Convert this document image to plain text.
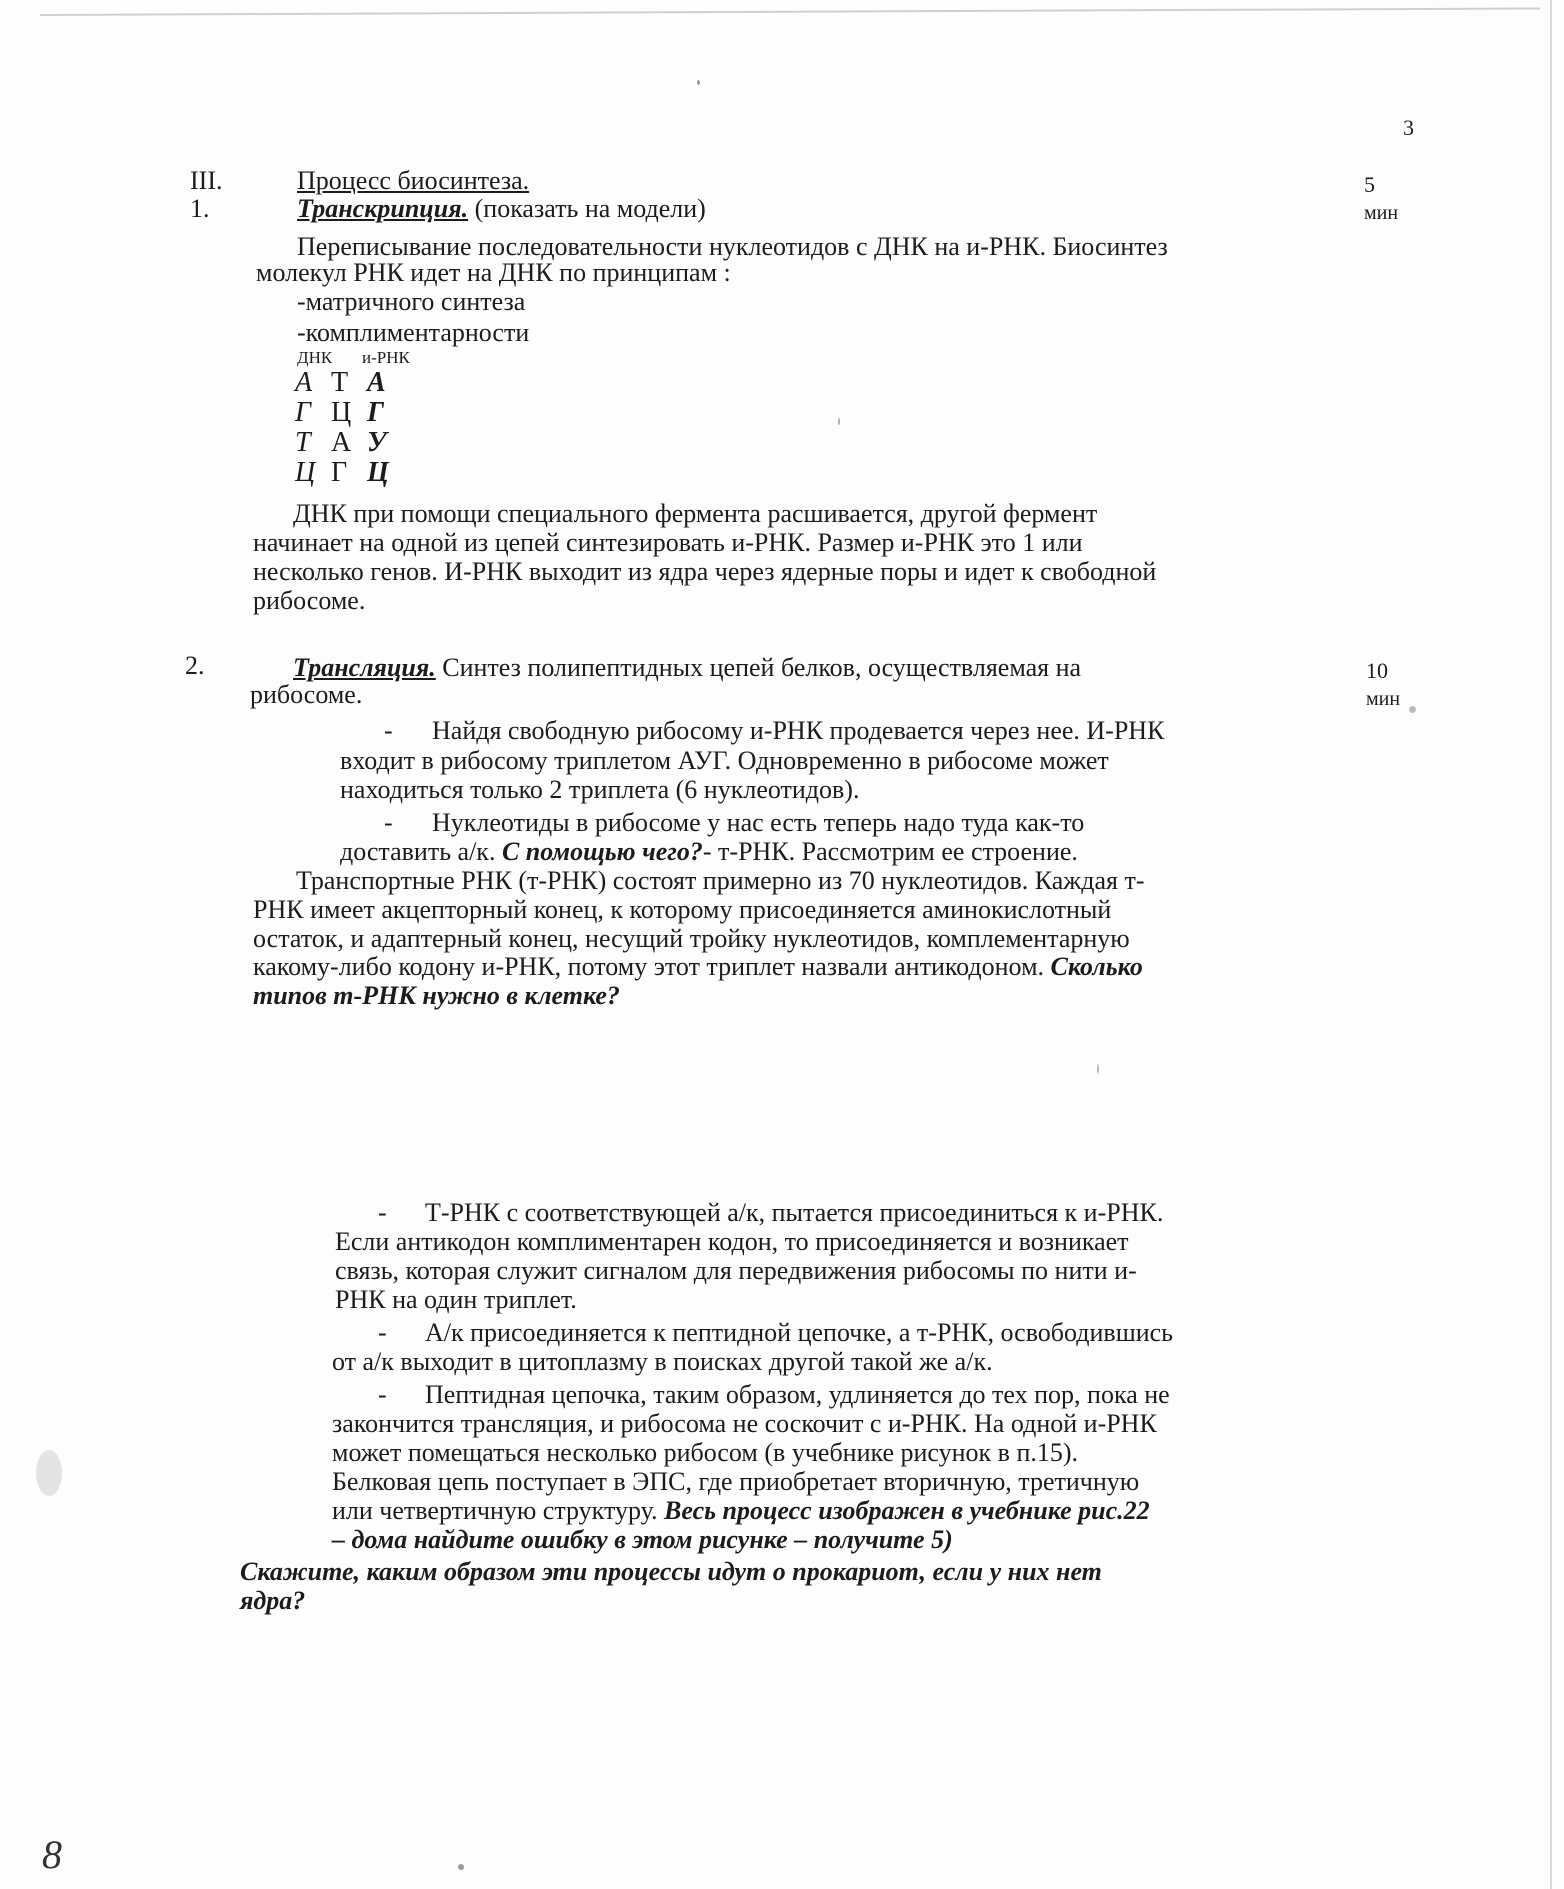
3
III.	Процесс биосинтеза.	5
мин
1.	Транскрипция. (показать на модели)
Переписывание последовательности нуклеотидов с ДНК на и-РНК. Биосинтез
молекул РНК идет на ДНК по принципам :
-матричного синтеза
-комплиментарности
ДНК и-РНК
А Т А
Г Ц Г
Т А У
Ц Г Ц
ДНК при помощи специального фермента расшивается, другой фермент
начинает на одной из цепей синтезировать и-РНК. Размер и-РНК это 1 или
несколько генов. И-РНК выходит из ядра через ядерные поры и идет к свободной
рибосоме.
2.	Трансляция. Синтез полипептидных цепей белков, осуществляемая на
рибосоме.
10
мин
- Найдя свободную рибосому и-РНК продевается через нее. И-РНК
входит в рибосому триплетом АУГ. Одновременно в рибосоме может
находиться только 2 триплета (6 нуклеотидов).
- Нуклеотиды в рибосоме у нас есть теперь надо туда как-то
доставить а/к. С помощью чего?- т-РНК. Рассмотрим ее строение.
Транспортные РНК (т-РНК) состоят примерно из 70 нуклеотидов. Каждая т-
РНК имеет акцепторный конец, к которому присоединяется аминокислотный
остаток, и адаптерный конец, несущий тройку нуклеотидов, комплементарную
какому-либо кодону и-РНК, потому этот триплет назвали антикодоном. Сколько
типов т-РНК нужно в клетке?
- Т-РНК с соответствующей а/к, пытается присоединиться к и-РНК.
Если антикодон комплиментарен кодон, то присоединяется и возникает
связь, которая служит сигналом для передвижения рибосомы по нити и-
РНК на один триплет.
- А/к присоединяется к пептидной цепочке, а т-РНК, освободившись
от а/к выходит в цитоплазму в поисках другой такой же а/к.
- Пептидная цепочка, таким образом, удлиняется до тех пор, пока не
закончится трансляция, и рибосома не соскочит с и-РНК. На одной и-РНК
может помещаться несколько рибосом (в учебнике рисунок в п.15).
Белковая цепь поступает в ЭПС, где приобретает вторичную, третичную
или четвертичную структуру. Весь процесс изображен в учебнике рис.22
– дома найдите ошибку в этом рисунке – получите 5)
Скажите, каким образом эти процессы идут о прокариот, если у них нет
ядра?
8
